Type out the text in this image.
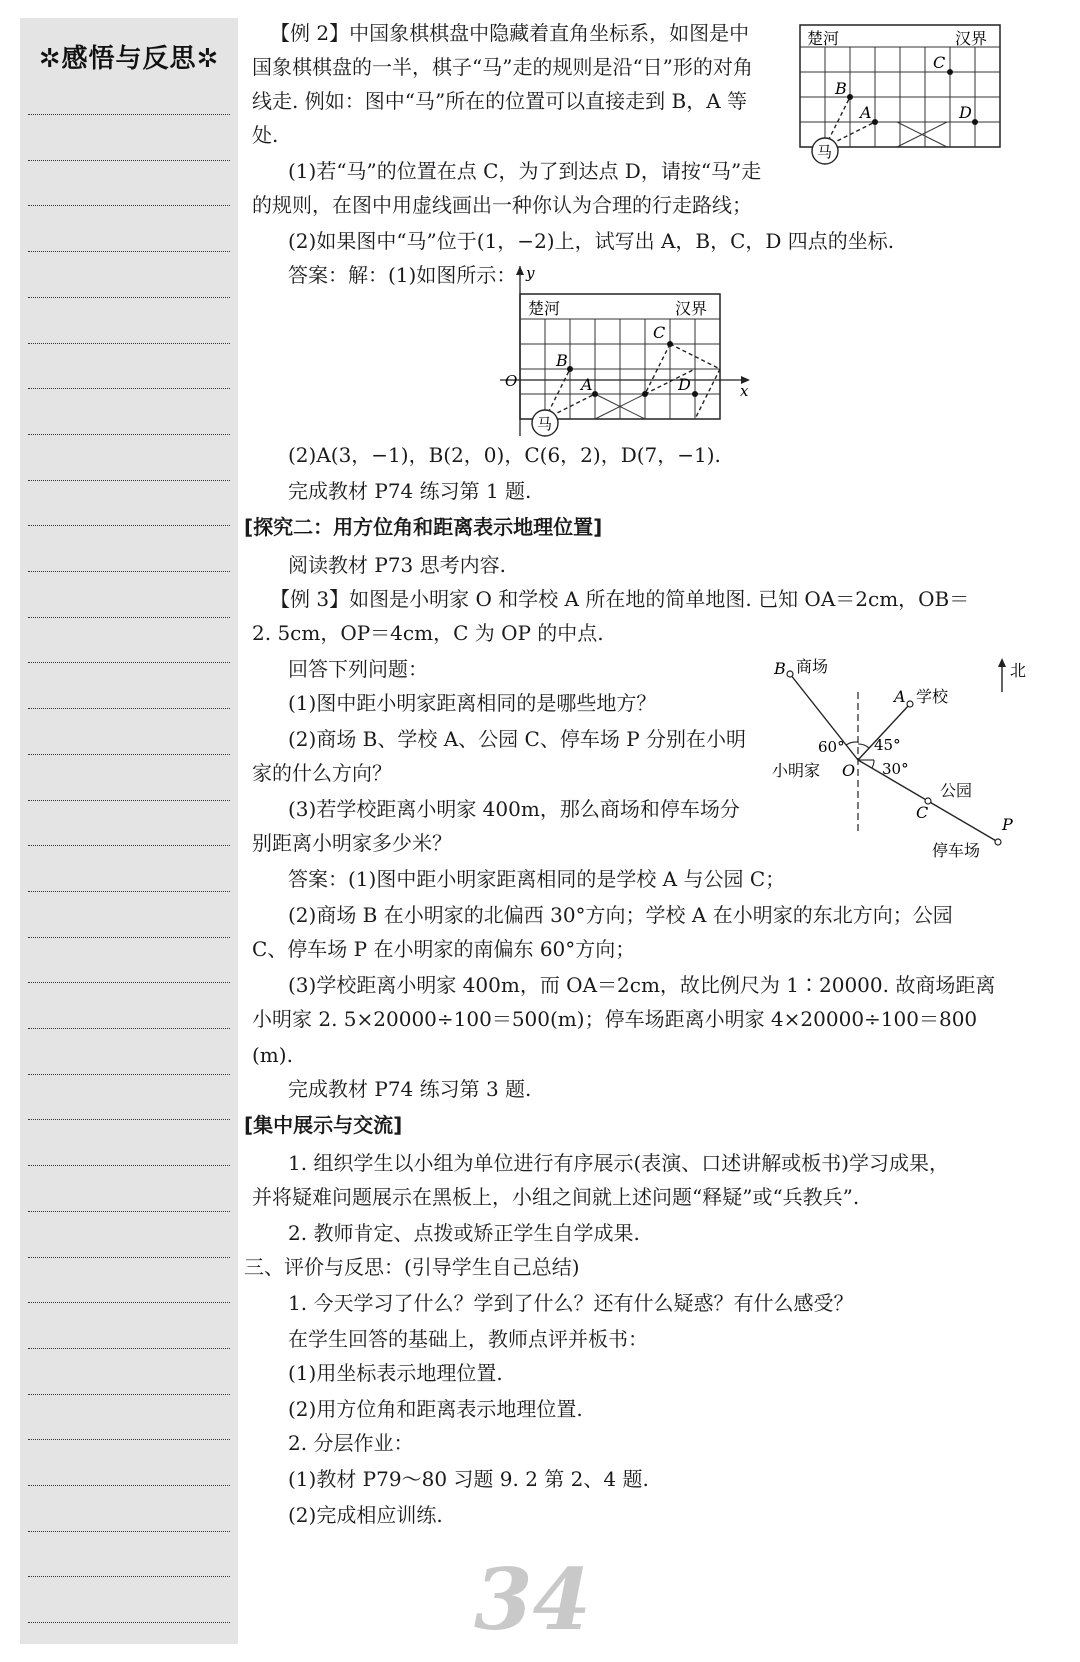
✲感悟与反思✲
楚河	汉界
C
B
A	D
马
y
x
O
楚河	汉界
C
B
A	D
马
B 商场
A 学校
北
60° 45°
30°
小明家 O
公园
C
P
停车场
【例 2】中国象棋棋盘中隐藏着直角坐标系，如图是中
国象棋棋盘的一半，棋子“马”走的规则是沿“日”形的对角
线走. 例如：图中“马”所在的位置可以直接走到 B，A 等
处.
(1)若“马”的位置在点 C，为了到达点 D，请按“马”走
的规则，在图中用虚线画出一种你认为合理的行走路线；
(2)如果图中“马”位于(1，−2)上，试写出 A，B，C，D 四点的坐标.
答案：解：(1)如图所示：
(2)A(3，−1)，B(2，0)，C(6，2)，D(7，−1).
完成教材 P74 练习第 1 题.
[探究二：用方位角和距离表示地理位置]
阅读教材 P73 思考内容.
【例 3】如图是小明家 O 和学校 A 所在地的简单地图. 已知 OA＝2cm，OB＝
2. 5cm，OP＝4cm，C 为 OP 的中点.
回答下列问题：
(1)图中距小明家距离相同的是哪些地方？
(2)商场 B、学校 A、公园 C、停车场 P 分别在小明
家的什么方向？
(3)若学校距离小明家 400m，那么商场和停车场分
别距离小明家多少米？
答案：(1)图中距小明家距离相同的是学校 A 与公园 C；
(2)商场 B 在小明家的北偏西 30°方向；学校 A 在小明家的东北方向；公园
C、停车场 P 在小明家的南偏东 60°方向；
(3)学校距离小明家 400m，而 OA＝2cm，故比例尺为 1∶20000. 故商场距离
小明家 2. 5×20000÷100＝500(m)；停车场距离小明家 4×20000÷100＝800
(m).
完成教材 P74 练习第 3 题.
[集中展示与交流]
1. 组织学生以小组为单位进行有序展示(表演、口述讲解或板书)学习成果，
并将疑难问题展示在黑板上，小组之间就上述问题“释疑”或“兵教兵”.
2. 教师肯定、点拨或矫正学生自学成果.
三、评价与反思：(引导学生自己总结)
1. 今天学习了什么？学到了什么？还有什么疑惑？有什么感受？
在学生回答的基础上，教师点评并板书：
(1)用坐标表示地理位置.
(2)用方位角和距离表示地理位置.
2. 分层作业：
(1)教材 P79～80 习题 9. 2 第 2、4 题.
(2)完成相应训练.
34
